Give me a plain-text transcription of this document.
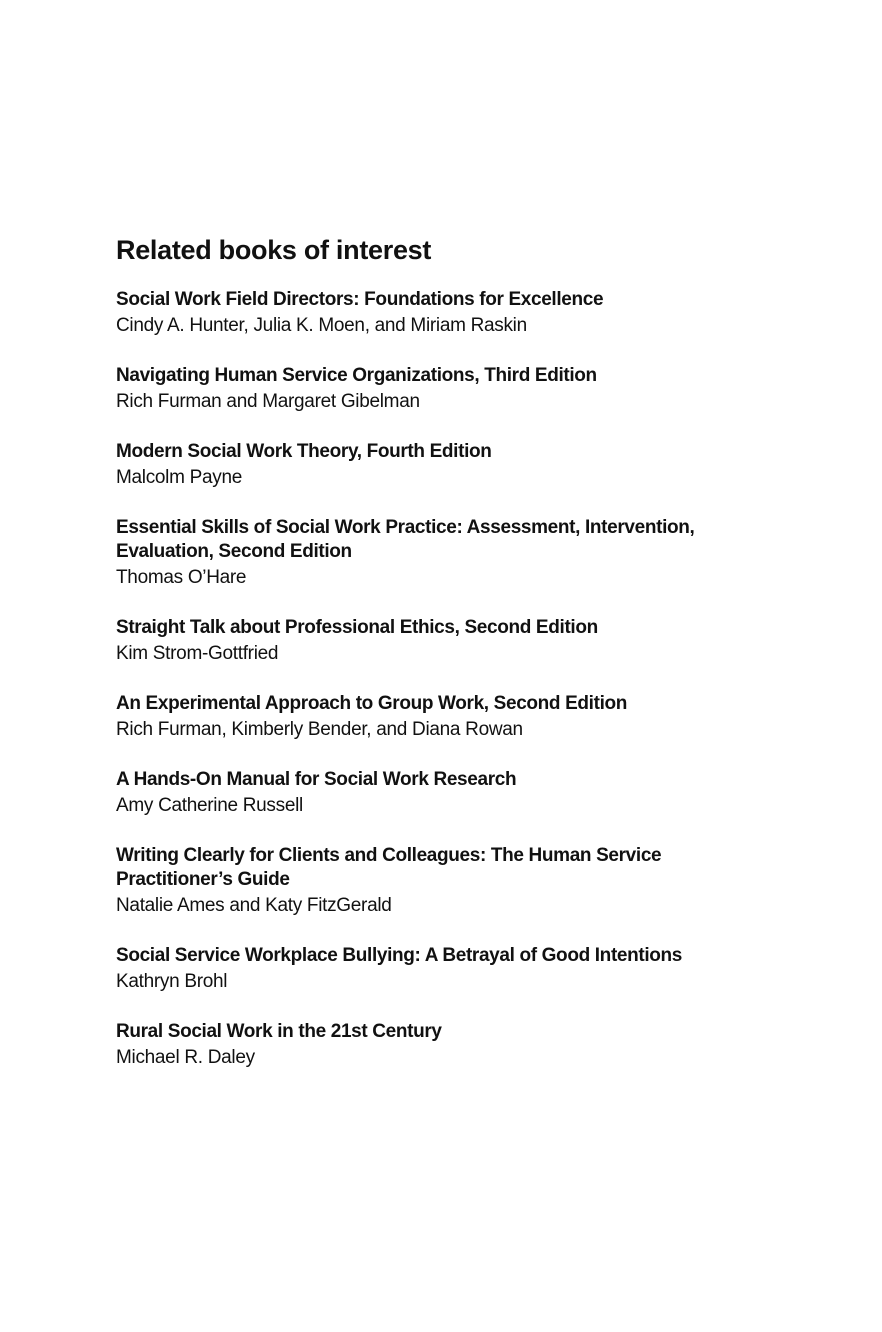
Related books of interest
Social Work Field Directors: Foundations for Excellence
Cindy A. Hunter, Julia K. Moen, and Miriam Raskin
Navigating Human Service Organizations, Third Edition
Rich Furman and Margaret Gibelman
Modern Social Work Theory, Fourth Edition
Malcolm Payne
Essential Skills of Social Work Practice: Assessment, Intervention, Evaluation, Second Edition
Thomas O’Hare
Straight Talk about Professional Ethics, Second Edition
Kim Strom-Gottfried
An Experimental Approach to Group Work, Second Edition
Rich Furman, Kimberly Bender, and Diana Rowan
A Hands-On Manual for Social Work Research
Amy Catherine Russell
Writing Clearly for Clients and Colleagues: The Human Service Practitioner’s Guide
Natalie Ames and Katy FitzGerald
Social Service Workplace Bullying: A Betrayal of Good Intentions
Kathryn Brohl
Rural Social Work in the 21st Century
Michael R. Daley
